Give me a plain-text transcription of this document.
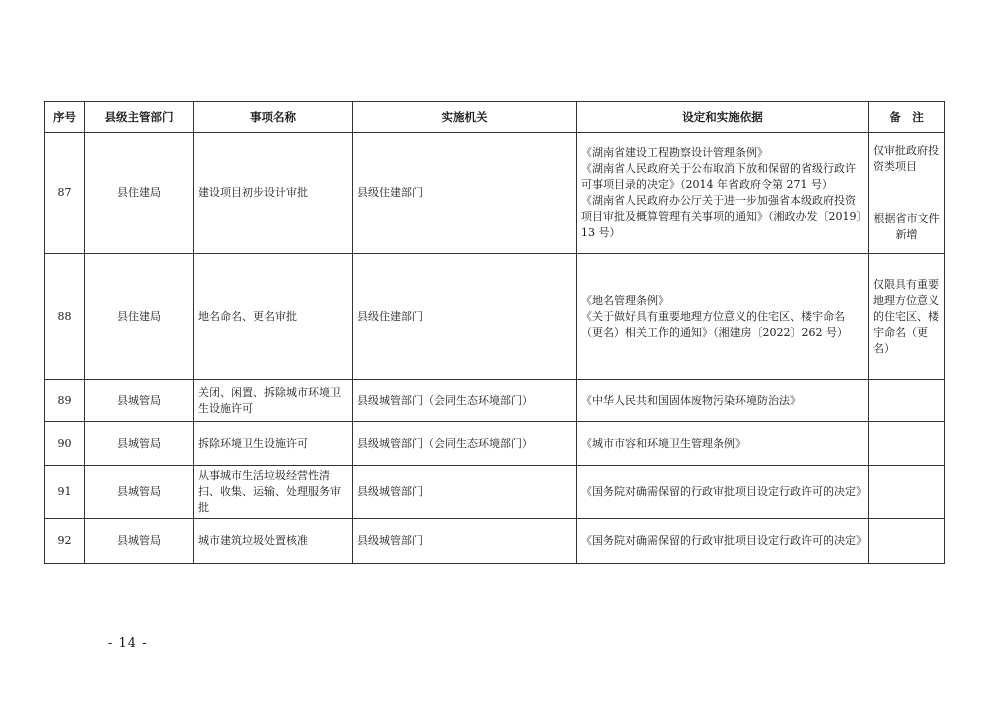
序号	县级主管部门	事项名称	实施机关	设定和实施依据	备　注
87	县住建局	建设项目初步设计审批	县级住建部门	《湖南省建设工程勘察设计管理条例》
《湖南省人民政府关于公布取消下放和保留的省级行政许可事项目录的决定》（2014 年省政府令第 271 号）
《湖南省人民政府办公厅关于进一步加强省本级政府投资项目审批及概算管理有关事项的通知》（湘政办发〔2019〕13 号）	仅审批政府投资类项目
根据省市文件新增

88	县住建局	地名命名、更名审批	县级住建部门	《地名管理条例》
《关于做好具有重要地理方位意义的住宅区、楼宇命名（更名）相关工作的通知》（湘建房〔2022〕262 号）	仅限具有重要地理方位意义的住宅区、楼宇命名（更名）
89	县城管局	关闭、闲置、拆除城市环境卫生设施许可	县级城管部门（会同生态环境部门）	《中华人民共和国固体废物污染环境防治法》	
90	县城管局	拆除环境卫生设施许可	县级城管部门（会同生态环境部门）	《城市市容和环境卫生管理条例》	
91	县城管局	从事城市生活垃圾经营性清扫、收集、运输、处理服务审批	县级城管部门	《国务院对确需保留的行政审批项目设定行政许可的决定》	
92	县城管局	城市建筑垃圾处置核准	县级城管部门	《国务院对确需保留的行政审批项目设定行政许可的决定》	
- 14 -
